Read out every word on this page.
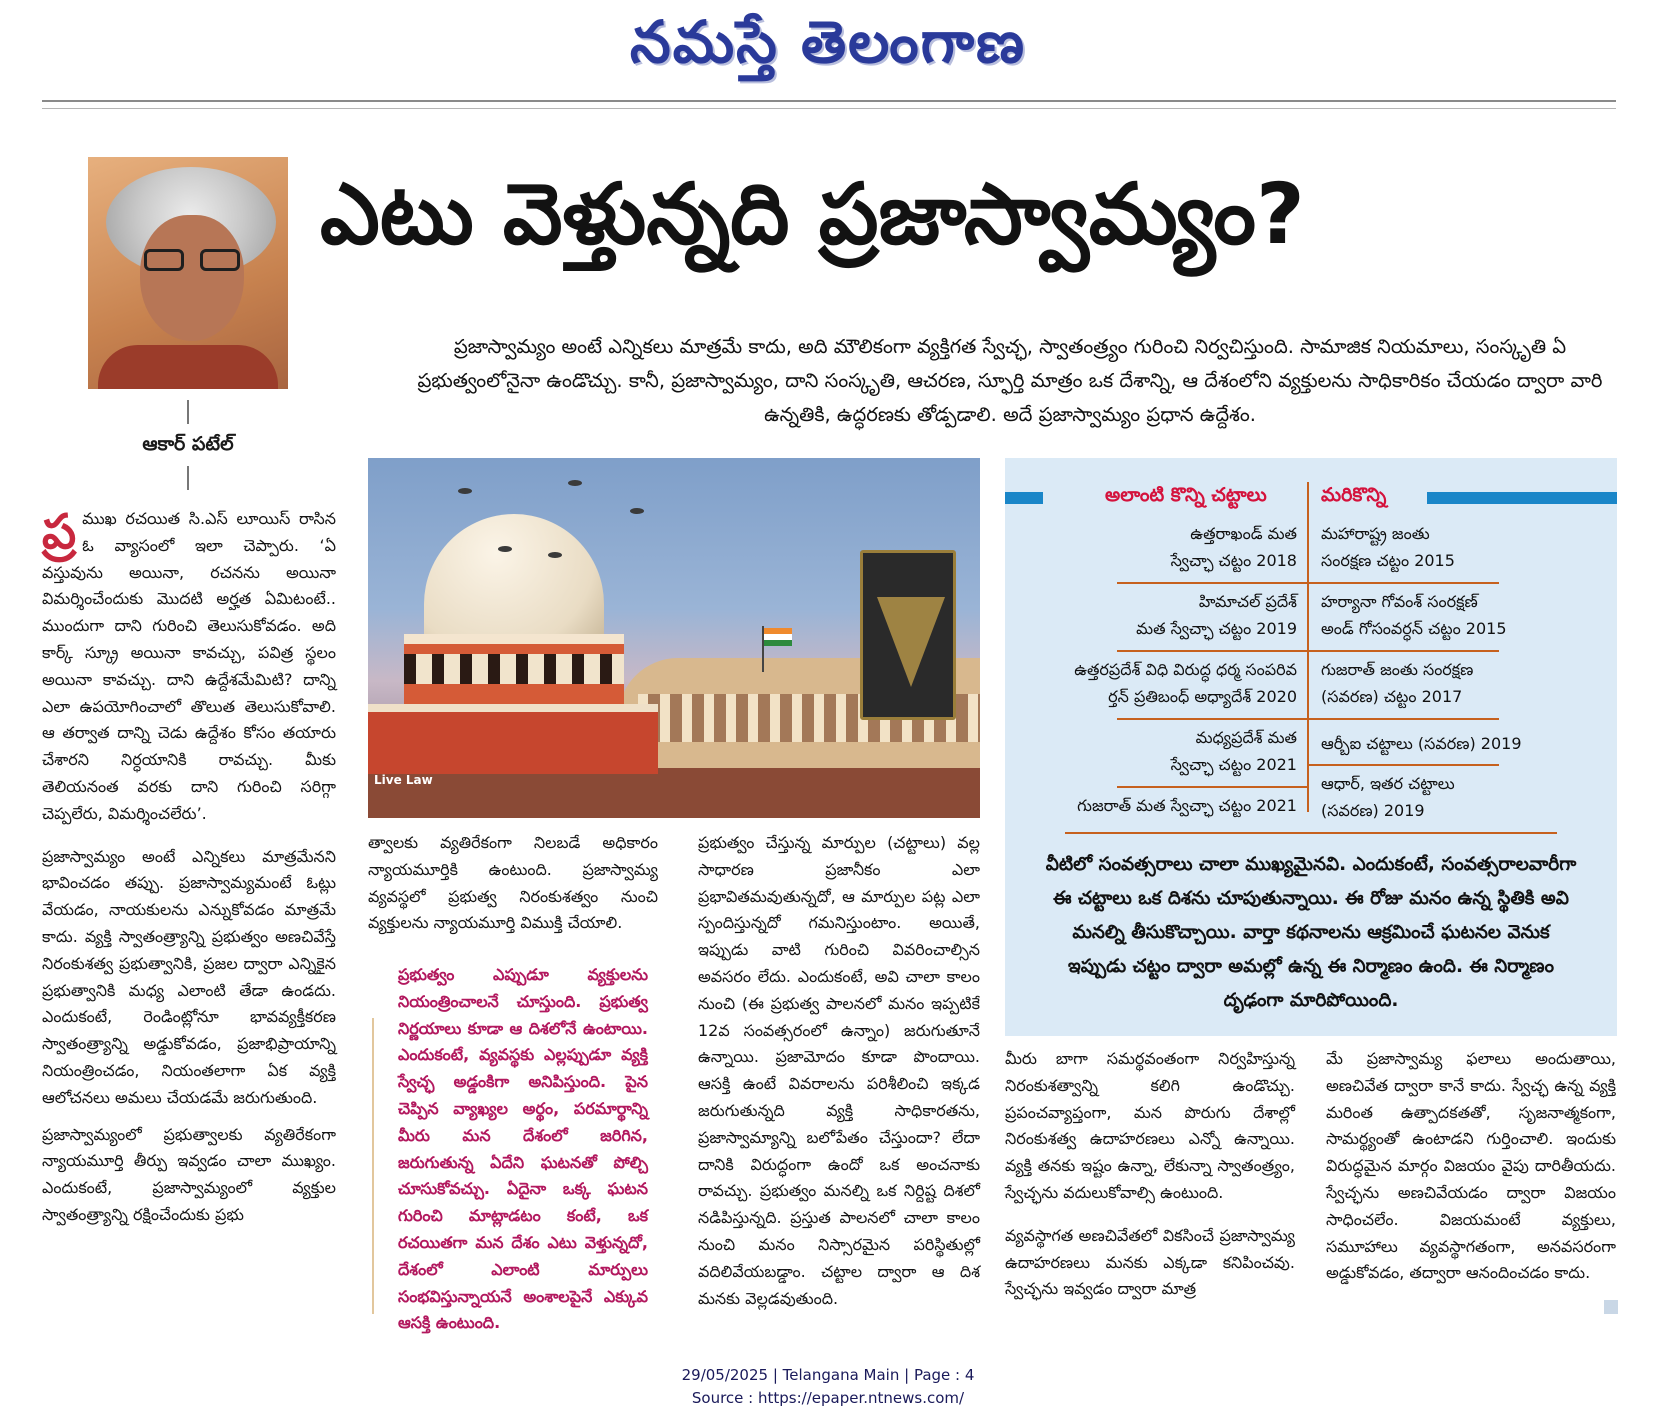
నమస్తే తెలంగాణ
ఆకార్ పటేల్
ఎటు వెళ్తున్నది ప్రజాస్వామ్యం?
ప్రజాస్వామ్యం అంటే ఎన్నికలు మాత్రమే కాదు, అది మౌలికంగా వ్యక్తిగత స్వేచ్ఛ, స్వాతంత్ర్యం గురించి నిర్వచిస్తుంది. సామాజిక నియమాలు, సంస్కృతి ఏ ప్రభుత్వంలోనైనా ఉండొచ్చు. కానీ, ప్రజాస్వామ్యం, దాని సంస్కృతి, ఆచరణ, స్ఫూర్తి మాత్రం ఒక దేశాన్ని, ఆ దేశంలోని వ్యక్తులను సాధికారికం చేయడం ద్వారా వారి ఉన్నతికి, ఉద్ధరణకు తోడ్పడాలి. అదే ప్రజాస్వామ్యం ప్రధాన ఉద్దేశం.
Live Law
అలాంటి కొన్ని చట్టాలు	మరికొన్ని
ఉత్తరాఖండ్ మత
స్వేచ్ఛా చట్టం 2018
హిమాచల్ ప్రదేశ్
మత స్వేచ్ఛా చట్టం 2019
ఉత్తరప్రదేశ్ విధి విరుద్ధ ధర్మ సంపరివ
ర్తన్ ప్రతిబంధ్ అధ్యాదేశ్ 2020
మధ్యప్రదేశ్ మత
స్వేచ్ఛా చట్టం 2021
గుజరాత్ మత స్వేచ్ఛా చట్టం 2021
మహారాష్ట్ర జంతు
సంరక్షణ చట్టం 2015
హర్యానా గోవంశ్ సంరక్షణ్
అండ్ గోసంవర్ధన్ చట్టం 2015
గుజరాత్ జంతు సంరక్షణ
(సవరణ) చట్టం 2017
ఆర్బీఐ చట్టాలు (సవరణ) 2019
ఆధార్, ఇతర చట్టాలు
(సవరణ) 2019
వీటిలో సంవత్సరాలు చాలా ముఖ్యమైనవి. ఎందుకంటే, సంవత్సరాలవారీగా ఈ చట్టాలు ఒక దిశను చూపుతున్నాయి. ఈ రోజు మనం ఉన్న స్థితికి అవి మనల్ని తీసుకొచ్చాయి. వార్తా కథనాలను ఆక్రమించే ఘటనల వెనుక ఇప్పుడు చట్టం ద్వారా అమల్లో ఉన్న ఈ నిర్మాణం ఉంది. ఈ నిర్మాణం దృఢంగా మారిపోయింది.

ప్ర ముఖ రచయిత సి.ఎస్ లూయిస్ రాసిన ఓ వ్యాసంలో ఇలా చెప్పారు. ‘ఏ వస్తువును అయినా, రచనను అయినా విమర్శించేందుకు మొదటి అర్హత ఏమిటంటే.. ముందుగా దాని గురించి తెలుసుకోవడం. అది కార్క్ స్క్రూ అయినా కావచ్చు, పవిత్ర స్థలం అయినా కావచ్చు. దాని ఉద్దేశమేమిటి? దాన్ని ఎలా ఉపయోగించాలో తొలుత తెలుసుకోవాలి. ఆ తర్వాత దాన్ని చెడు ఉద్దేశం కోసం తయారు చేశారని నిర్ధయానికి రావచ్చు. మీకు తెలియనంత వరకు దాని గురించి సరిగ్గా చెప్పలేరు, విమర్శించలేరు’.

ప్రజాస్వామ్యం అంటే ఎన్నికలు మాత్రమేనని భావించడం తప్పు. ప్రజాస్వామ్యమంటే ఓట్లు వేయడం, నాయకులను ఎన్నుకోవడం మాత్రమే కాదు. వ్యక్తి స్వాతంత్ర్యాన్ని ప్రభుత్వం అణచివేస్తే నిరంకుశత్వ ప్రభుత్వానికి, ప్రజల ద్వారా ఎన్నికైన ప్రభుత్వానికి మధ్య ఎలాంటి తేడా ఉండదు. ఎందుకంటే, రెండింట్లోనూ భావవ్యక్తీకరణ స్వాతంత్ర్యాన్ని అడ్డుకోవడం, ప్రజాభిప్రాయాన్ని నియంత్రించడం, నియంతలాగా ఏక వ్యక్తి ఆలోచనలు అమలు చేయడమే జరుగుతుంది.

ప్రజాస్వామ్యంలో ప్రభుత్వాలకు వ్యతిరేకంగా న్యాయమూర్తి తీర్పు ఇవ్వడం చాలా ముఖ్యం. ఎందుకంటే, ప్రజాస్వామ్యంలో వ్యక్తుల స్వాతంత్ర్యాన్ని రక్షించేందుకు ప్రభు

త్వాలకు వ్యతిరేకంగా నిలబడే అధికారం న్యాయమూర్తికి ఉంటుంది. ప్రజాస్వామ్య వ్యవస్థలో ప్రభుత్వ నిరంకుశత్వం నుంచి వ్యక్తులను న్యాయమూర్తి విముక్తి చేయాలి.

ప్రభుత్వం ఎప్పుడూ వ్యక్తులను నియంత్రించాలనే చూస్తుంది. ప్రభుత్వ నిర్ణయాలు కూడా ఆ దిశలోనే ఉంటాయి. ఎందుకంటే, వ్యవస్థకు ఎల్లప్పుడూ వ్యక్తి స్వేచ్ఛ అడ్డంకిగా అనిపిస్తుంది. పైన చెప్పిన వ్యాఖ్యల అర్థం, పరమార్థాన్ని మీరు మన దేశంలో జరిగిన, జరుగుతున్న ఏదేని ఘటనతో పోల్చి చూసుకోవచ్చు. ఏదైనా ఒక్క ఘటన గురించి మాట్లాడటం కంటే, ఒక రచయితగా మన దేశం ఎటు వెళ్తున్నదో, దేశంలో ఎలాంటి మార్పులు సంభవిస్తున్నాయనే అంశాలపైనే ఎక్కువ ఆసక్తి ఉంటుంది.

ప్రభుత్వం చేస్తున్న మార్పుల (చట్టాలు) వల్ల సాధారణ ప్రజానీకం ఎలా ప్రభావితమవుతున్నదో, ఆ మార్పుల పట్ల ఎలా స్పందిస్తున్నదో గమనిస్తుంటాం. అయితే, ఇప్పుడు వాటి గురించి వివరించాల్సిన అవసరం లేదు. ఎందుకంటే, అవి చాలా కాలం నుంచి (ఈ ప్రభుత్వ పాలనలో మనం ఇప్పటికే 12వ సంవత్సరంలో ఉన్నాం) జరుగుతూనే ఉన్నాయి. ప్రజామోదం కూడా పొందాయి. ఆసక్తి ఉంటే వివరాలను పరిశీలించి ఇక్కడ జరుగుతున్నది వ్యక్తి సాధికారతను, ప్రజాస్వామ్యాన్ని బలోపేతం చేస్తుందా? లేదా దానికి విరుద్ధంగా ఉందో ఒక అంచనాకు రావచ్చు. ప్రభుత్వం మనల్ని ఒక నిర్దిష్ట దిశలో నడిపిస్తున్నది. ప్రస్తుత పాలనలో చాలా కాలం నుంచి మనం నిస్సారమైన పరిస్థితుల్లో వదిలివేయబడ్డాం. చట్టాల ద్వారా ఆ దిశ మనకు వెల్లడవుతుంది.

మీరు బాగా సమర్థవంతంగా నిర్వహిస్తున్న నిరంకుశత్వాన్ని కలిగి ఉండొచ్చు. ప్రపంచవ్యాప్తంగా, మన పొరుగు దేశాల్లో నిరంకుశత్వ ఉదాహరణలు ఎన్నో ఉన్నాయి. వ్యక్తి తనకు ఇష్టం ఉన్నా, లేకున్నా స్వాతంత్ర్యం, స్వేచ్ఛను వదులుకోవాల్సి ఉంటుంది.

వ్యవస్థాగత అణచివేతలో వికసించే ప్రజాస్వామ్య ఉదాహరణలు మనకు ఎక్కడా కనిపించవు. స్వేచ్ఛను ఇవ్వడం ద్వారా మాత్ర

మే ప్రజాస్వామ్య ఫలాలు అందుతాయి, అణచివేత ద్వారా కానే కాదు. స్వేచ్ఛ ఉన్న వ్యక్తి మరింత ఉత్పాదకతతో, సృజనాత్మకంగా, సామర్థ్యంతో ఉంటాడని గుర్తించాలి. ఇందుకు విరుద్ధమైన మార్గం విజయం వైపు దారితీయదు. స్వేచ్ఛను అణచివేయడం ద్వారా విజయం సాధించలేం. విజయమంటే వ్యక్తులు, సమూహాలు వ్యవస్థాగతంగా, అనవసరంగా అడ్డుకోవడం, తద్వారా ఆనందించడం కాదు.

29/05/2025 | Telangana Main | Page : 4
Source : https://epaper.ntnews.com/
